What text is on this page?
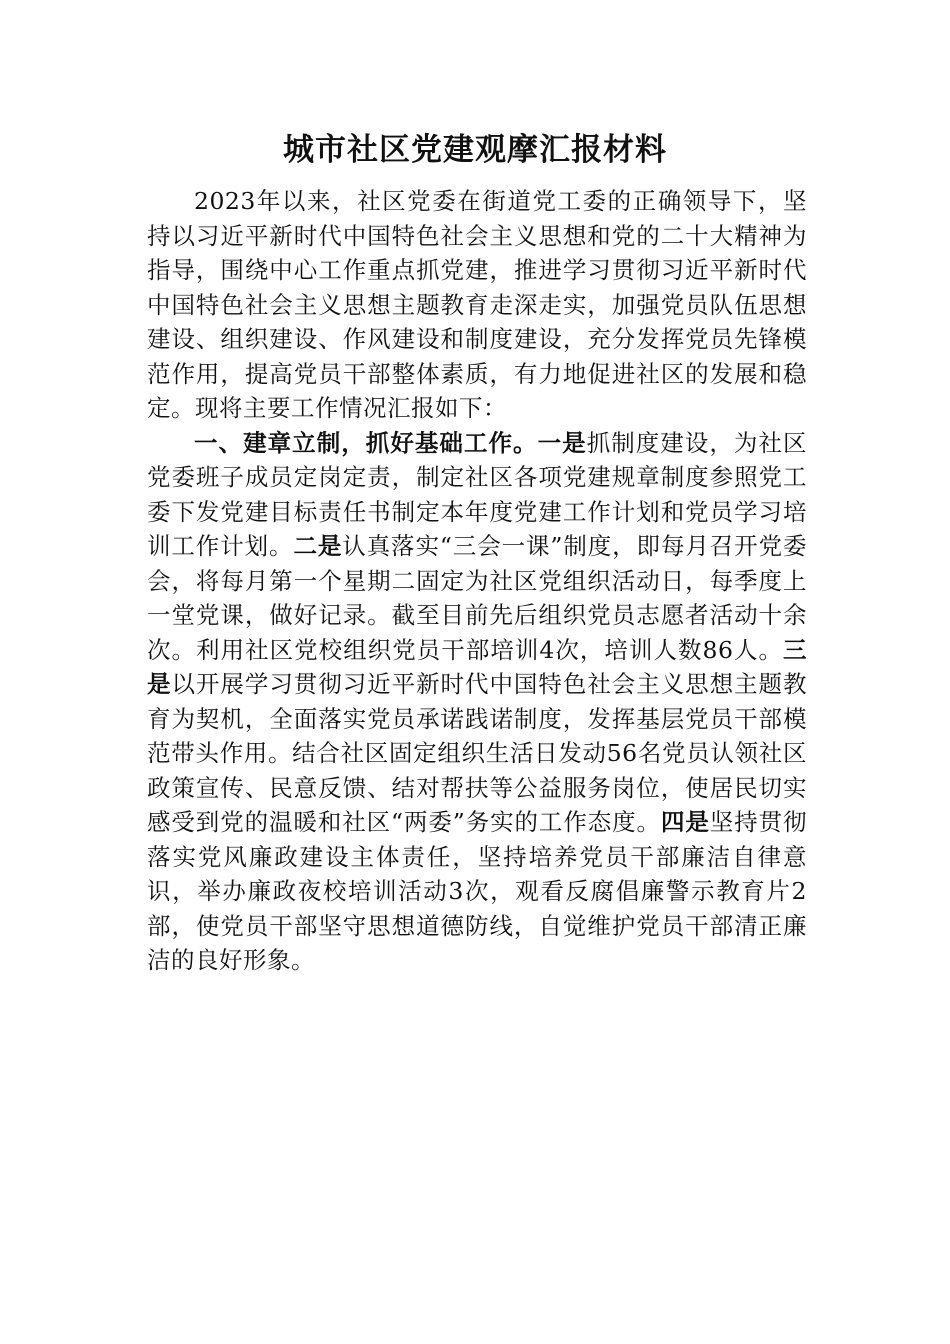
城市社区党建观摩汇报材料

2023年以来，社区党委在街道党工委的正确领导下，坚持以习近平新时代中国特色社会主义思想和党的二十大精神为指导，围绕中心工作重点抓党建，推进学习贯彻习近平新时代中国特色社会主义思想主题教育走深走实，加强党员队伍思想建设、组织建设、作风建设和制度建设，充分发挥党员先锋模范作用，提高党员干部整体素质，有力地促进社区的发展和稳定。现将主要工作情况汇报如下：

一、建章立制，抓好基础工作。一是抓制度建设，为社区党委班子成员定岗定责，制定社区各项党建规章制度参照党工委下发党建目标责任书制定本年度党建工作计划和党员学习培训工作计划。二是认真落实“三会一课”制度，即每月召开党委会，将每月第一个星期二固定为社区党组织活动日，每季度上一堂党课，做好记录。截至目前先后组织党员志愿者活动十余次。利用社区党校组织党员干部培训4次，培训人数86人。三是以开展学习贯彻习近平新时代中国特色社会主义思想主题教育为契机，全面落实党员承诺践诺制度，发挥基层党员干部模范带头作用。结合社区固定组织生活日发动56名党员认领社区政策宣传、民意反馈、结对帮扶等公益服务岗位，使居民切实感受到党的温暖和社区“两委”务实的工作态度。四是坚持贯彻落实党风廉政建设主体责任，坚持培养党员干部廉洁自律意识，举办廉政夜校培训活动3次，观看反腐倡廉警示教育片2部，使党员干部坚守思想道德防线，自觉维护党员干部清正廉洁的良好形象。
